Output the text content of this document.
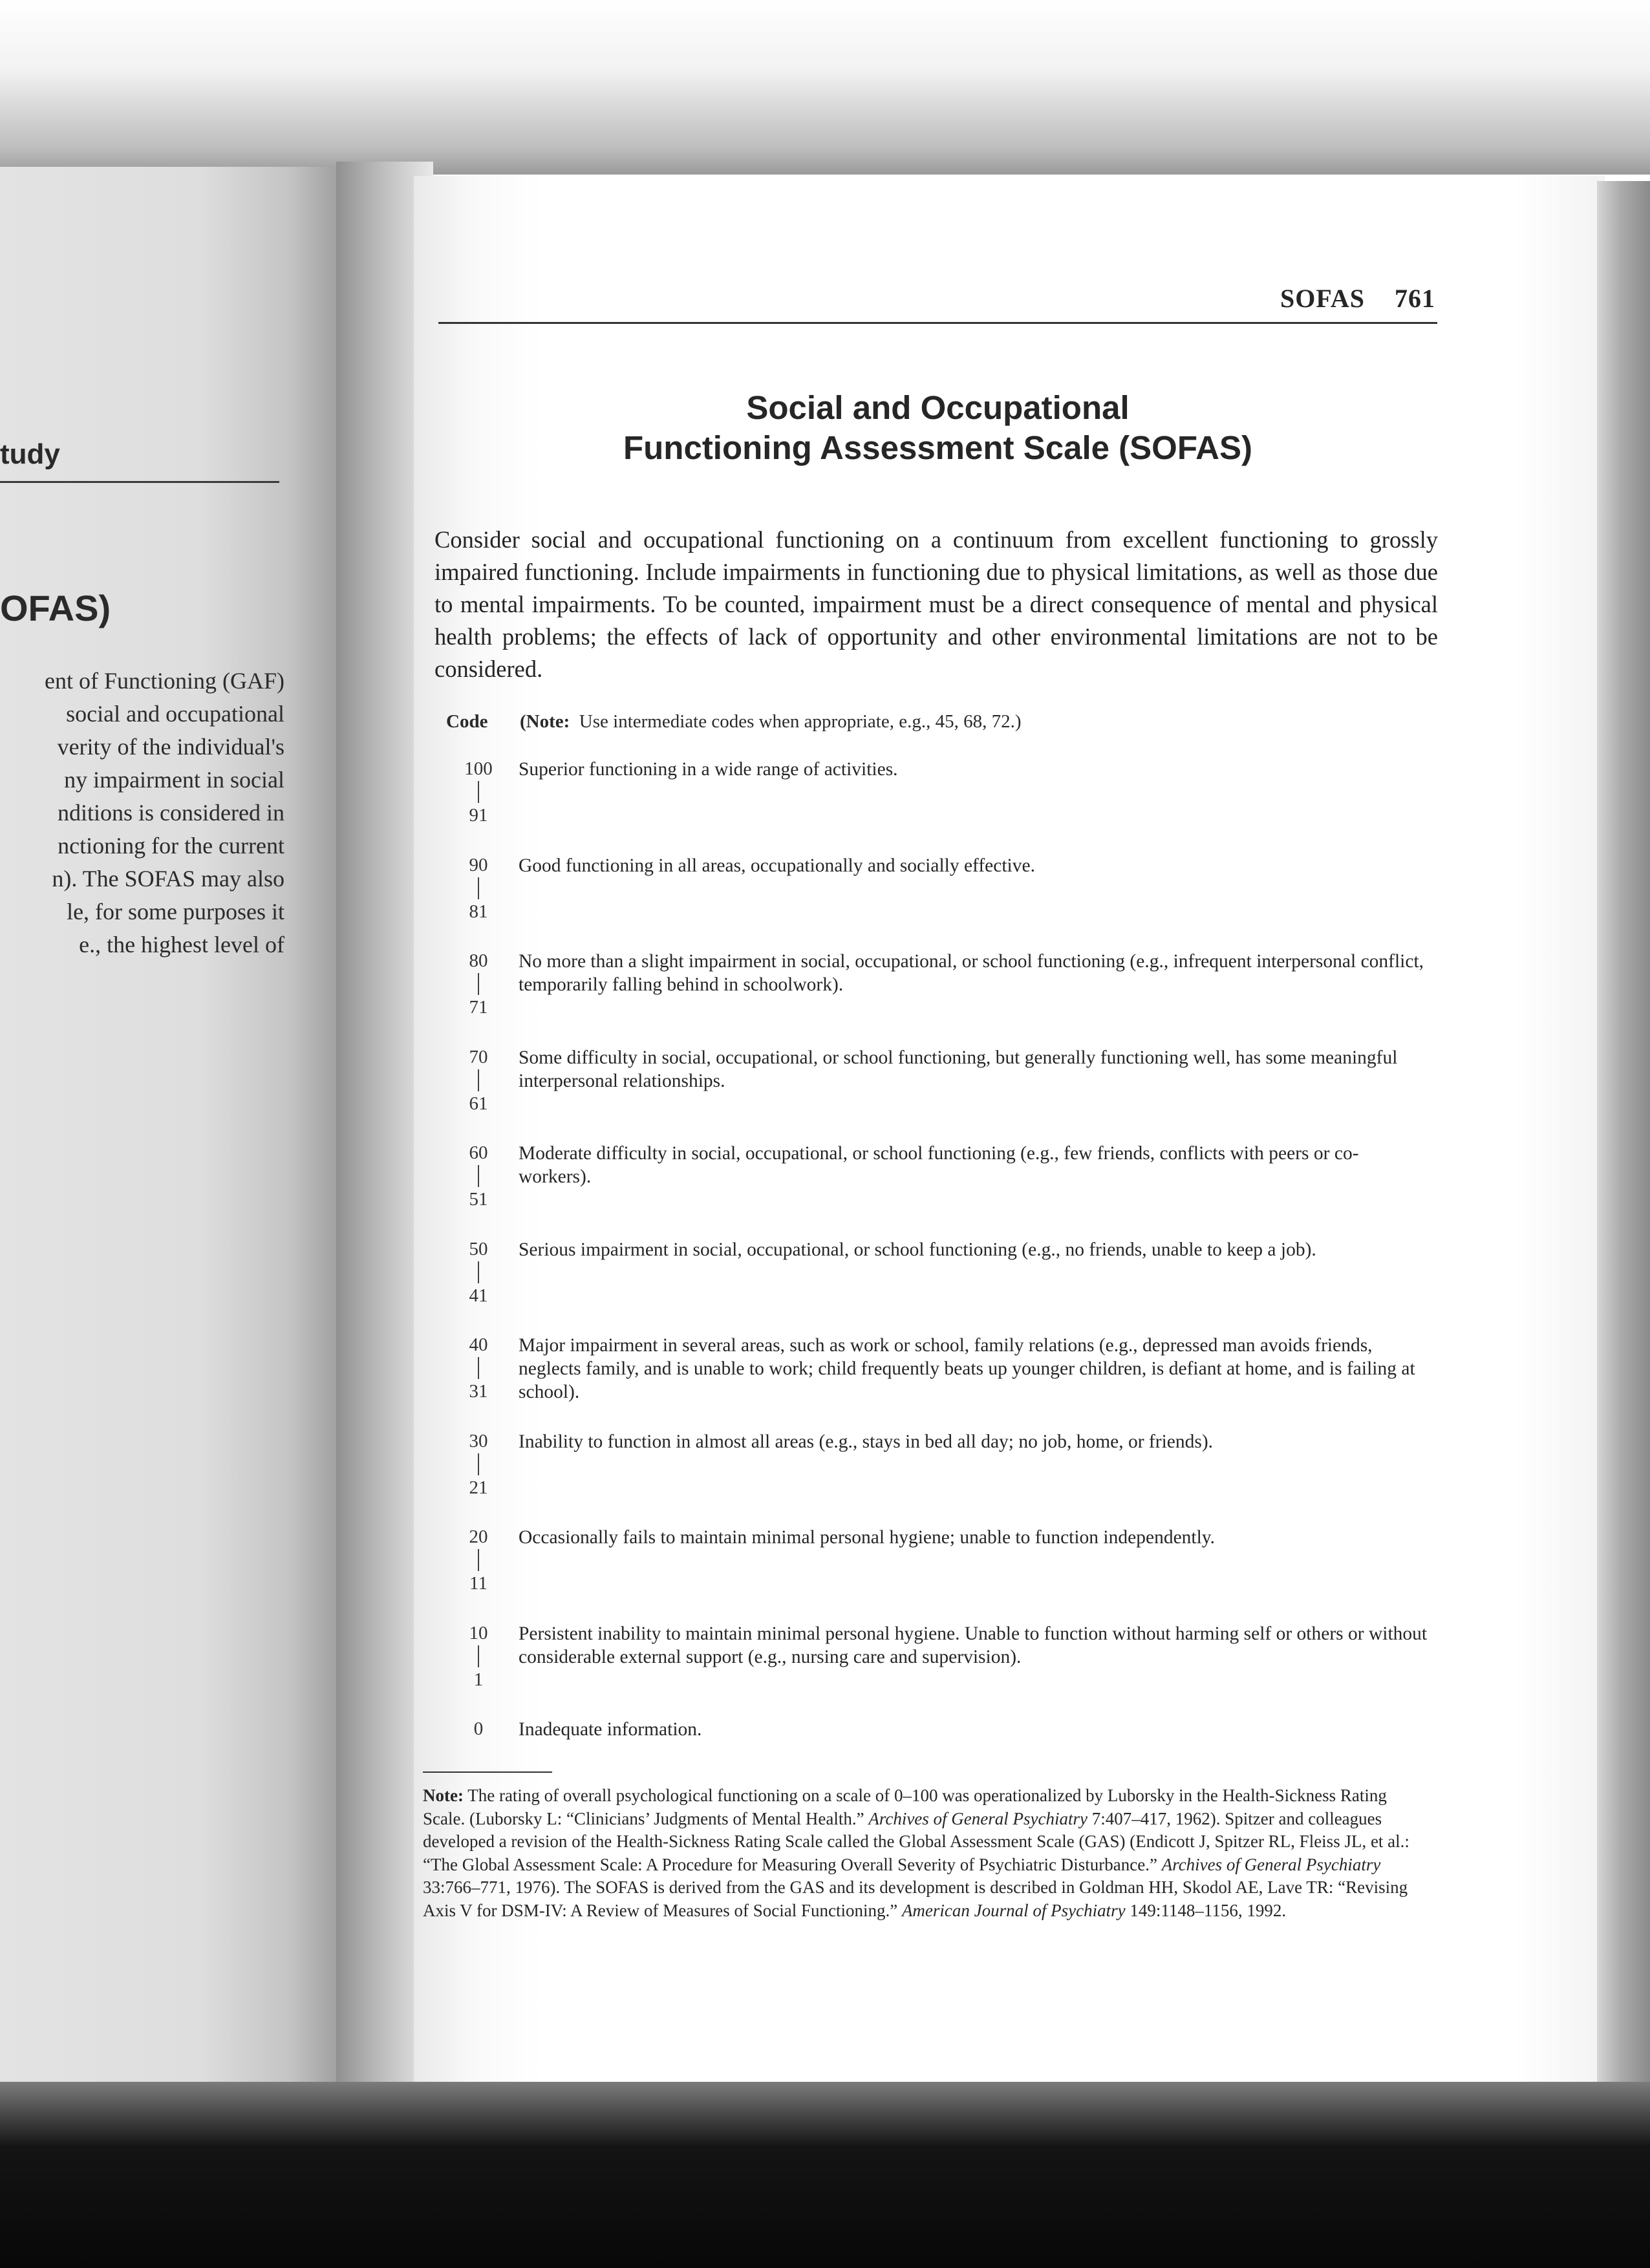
tudy
OFAS)
ent of Functioning (GAF)
social and occupational
verity of the individual's
ny impairment in social
nditions is considered in
nctioning for the current
n). The SOFAS may also
le, for some purposes it
e., the highest level of
SOFAS 761
Social and Occupational
Functioning Assessment Scale (SOFAS)
Consider social and occupational functioning on a continuum from excellent functioning to grossly impaired functioning. Include impairments in functioning due to physical limitations, as well as those due to mental impairments. To be counted, impairment must be a direct consequence of mental and physical health problems; the effects of lack of opportunity and other environmental limitations are not to be considered.
Code (Note: Use intermediate codes when appropriate, e.g., 45, 68, 72.)
100
91
Superior functioning in a wide range of activities.
90
81
Good functioning in all areas, occupationally and socially effective.
80
71
No more than a slight impairment in social, occupational, or school functioning (e.g., infrequent interpersonal conflict, temporarily falling behind in schoolwork).
70
61
Some difficulty in social, occupational, or school functioning, but generally functioning well, has some meaningful interpersonal relationships.
60
51
Moderate difficulty in social, occupational, or school functioning (e.g., few friends, conflicts with peers or co-workers).
50
41
Serious impairment in social, occupational, or school functioning (e.g., no friends, unable to keep a job).
40
31
Major impairment in several areas, such as work or school, family relations (e.g., depressed man avoids friends, neglects family, and is unable to work; child frequently beats up younger children, is defiant at home, and is failing at school).
30
21
Inability to function in almost all areas (e.g., stays in bed all day; no job, home, or friends).
20
11
Occasionally fails to maintain minimal personal hygiene; unable to function independently.
10
1
Persistent inability to maintain minimal personal hygiene. Unable to function without harming self or others or without considerable external support (e.g., nursing care and supervision).
0	Inadequate information.
Note: The rating of overall psychological functioning on a scale of 0–100 was operationalized by Luborsky in the Health-Sickness Rating Scale. (Luborsky L: “Clinicians’ Judgments of Mental Health.” Archives of General Psychiatry 7:407–417, 1962). Spitzer and colleagues developed a revision of the Health-Sickness Rating Scale called the Global Assessment Scale (GAS) (Endicott J, Spitzer RL, Fleiss JL, et al.: “The Global Assessment Scale: A Procedure for Measuring Overall Severity of Psychiatric Disturbance.” Archives of General Psychiatry 33:766–771, 1976). The SOFAS is derived from the GAS and its development is described in Goldman HH, Skodol AE, Lave TR: “Revising Axis V for DSM-IV: A Review of Measures of Social Functioning.” American Journal of Psychiatry 149:1148–1156, 1992.
